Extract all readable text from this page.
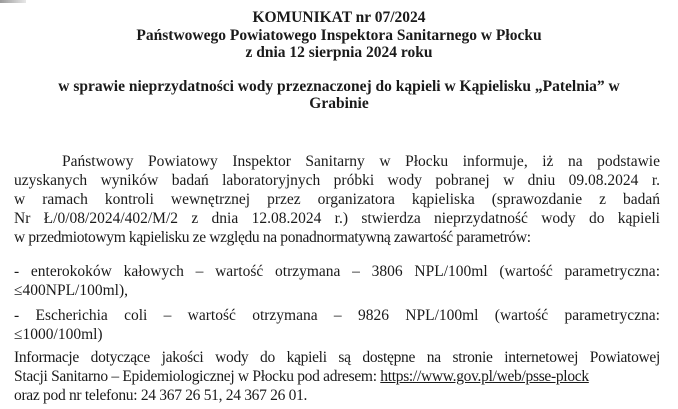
KOMUNIKAT nr 07/2024
Państwowego Powiatowego Inspektora Sanitarnego w Płocku
z dnia 12 sierpnia 2024 roku
w sprawie nieprzydatności wody przeznaczonej do kąpieli w Kąpielisku „Patelnia” w
Grabinie
Państwowy Powiatowy Inspektor Sanitarny w Płocku informuje, iż na podstawie
uzyskanych wyników badań laboratoryjnych próbki wody pobranej w dniu 09.08.2024 r.
w ramach kontroli wewnętrznej przez organizatora kąpieliska (sprawozdanie z badań
Nr Ł/0/08/2024/402/M/2 z dnia 12.08.2024 r.) stwierdza nieprzydatność wody do kąpieli
w przedmiotowym kąpielisku ze względu na ponadnormatywną zawartość parametrów:
- enterokoków kałowych – wartość otrzymana – 3806 NPL/100ml (wartość parametryczna:
≤400NPL/100ml),
- Escherichia coli – wartość otrzymana – 9826 NPL/100ml (wartość parametryczna:
≤1000/100ml)
Informacje dotyczące jakości wody do kąpieli są dostępne na stronie internetowej Powiatowej
Stacji Sanitarno – Epidemiologicznej w Płocku pod adresem: https://www.gov.pl/web/psse-plock
oraz pod nr telefonu: 24 367 26 51, 24 367 26 01.
